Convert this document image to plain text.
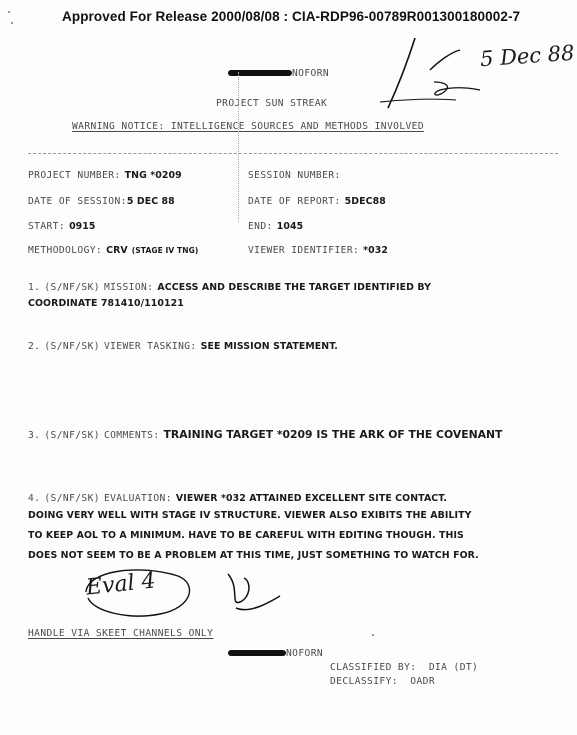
Approved For Release 2000/08/08 : CIA-RDP96-00789R001300180002-7
5 Dec 88
NOFORN
PROJECT SUN STREAK
WARNING NOTICE: INTELLIGENCE SOURCES AND METHODS INVOLVED
PROJECT NUMBER: TNG *0209	SESSION NUMBER:
DATE OF SESSION:5 DEC 88	DATE OF REPORT: 5DEC88
START: 0915	END: 1045
METHODOLOGY: CRV (STAGE IV TNG)	VIEWER IDENTIFIER: *032
1. (S/NF/SK) MISSION: ACCESS AND DESCRIBE THE TARGET IDENTIFIED BY
COORDINATE 781410/110121
2. (S/NF/SK) VIEWER TASKING: SEE MISSION STATEMENT.
3. (S/NF/SK) COMMENTS: TRAINING TARGET *0209 IS THE ARK OF THE COVENANT
4. (S/NF/SK) EVALUATION: VIEWER *032 ATTAINED EXCELLENT SITE CONTACT.
DOING VERY WELL WITH STAGE IV STRUCTURE. VIEWER ALSO EXIBITS THE ABILITY
TO KEEP AOL TO A MINIMUM. HAVE TO BE CAREFUL WITH EDITING THOUGH. THIS
DOES NOT SEEM TO BE A PROBLEM AT THIS TIME, JUST SOMETHING TO WATCH FOR.
Eval 4
HANDLE VIA SKEET CHANNELS ONLY
NOFORN
CLASSIFIED BY: DIA (DT)
DECLASSIFY: OADR
